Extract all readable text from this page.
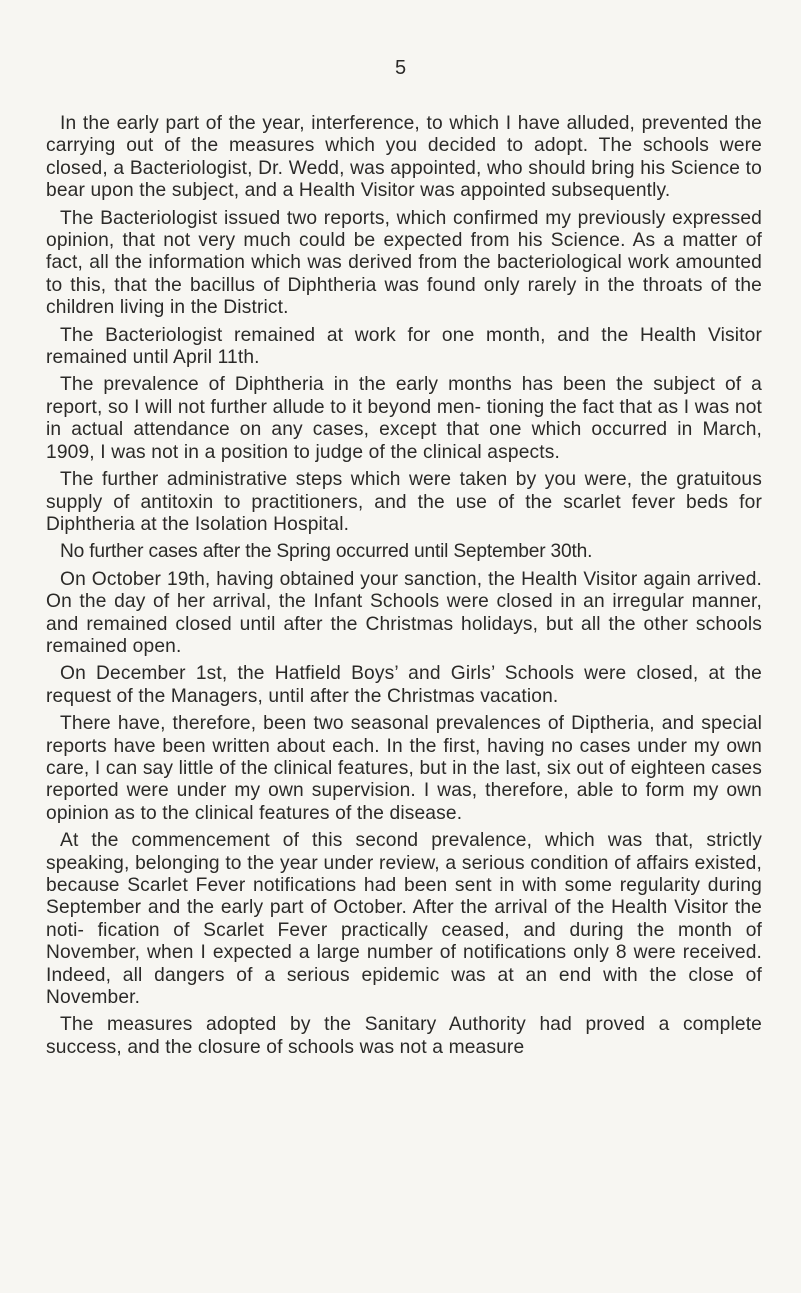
5

In the early part of the year, interference, to which I have alluded, prevented the carrying out of the measures which you decided to adopt. The schools were closed, a Bacteriologist, Dr. Wedd, was appointed, who should bring his Science to bear upon the subject, and a Health Visitor was appointed subsequently.

The Bacteriologist issued two reports, which confirmed my previously expressed opinion, that not very much could be expected from his Science. As a matter of fact, all the information which was derived from the bacteriological work amounted to this, that the bacillus of Diphtheria was found only rarely in the throats of the children living in the District.

The Bacteriologist remained at work for one month, and the Health Visitor remained until April 11th.

The prevalence of Diphtheria in the early months has been the subject of a report, so I will not further allude to it beyond men- tioning the fact that as I was not in actual attendance on any cases, except that one which occurred in March, 1909, I was not in a position to judge of the clinical aspects.

The further administrative steps which were taken by you were, the gratuitous supply of antitoxin to practitioners, and the use of the scarlet fever beds for Diphtheria at the Isolation Hospital.

No further cases after the Spring occurred until September 30th.

On October 19th, having obtained your sanction, the Health Visitor again arrived. On the day of her arrival, the Infant Schools were closed in an irregular manner, and remained closed until after the Christmas holidays, but all the other schools remained open.

On December 1st, the Hatfield Boys’ and Girls’ Schools were closed, at the request of the Managers, until after the Christmas vacation.

There have, therefore, been two seasonal prevalences of Diptheria, and special reports have been written about each. In the first, having no cases under my own care, I can say little of the clinical features, but in the last, six out of eighteen cases reported were under my own supervision. I was, therefore, able to form my own opinion as to the clinical features of the disease.

At the commencement of this second prevalence, which was that, strictly speaking, belonging to the year under review, a serious condition of affairs existed, because Scarlet Fever notifications had been sent in with some regularity during September and the early part of October. After the arrival of the Health Visitor the noti- fication of Scarlet Fever practically ceased, and during the month of November, when I expected a large number of notifications only 8 were received. Indeed, all dangers of a serious epidemic was at an end with the close of November.

The measures adopted by the Sanitary Authority had proved a complete success, and the closure of schools was not a measure
